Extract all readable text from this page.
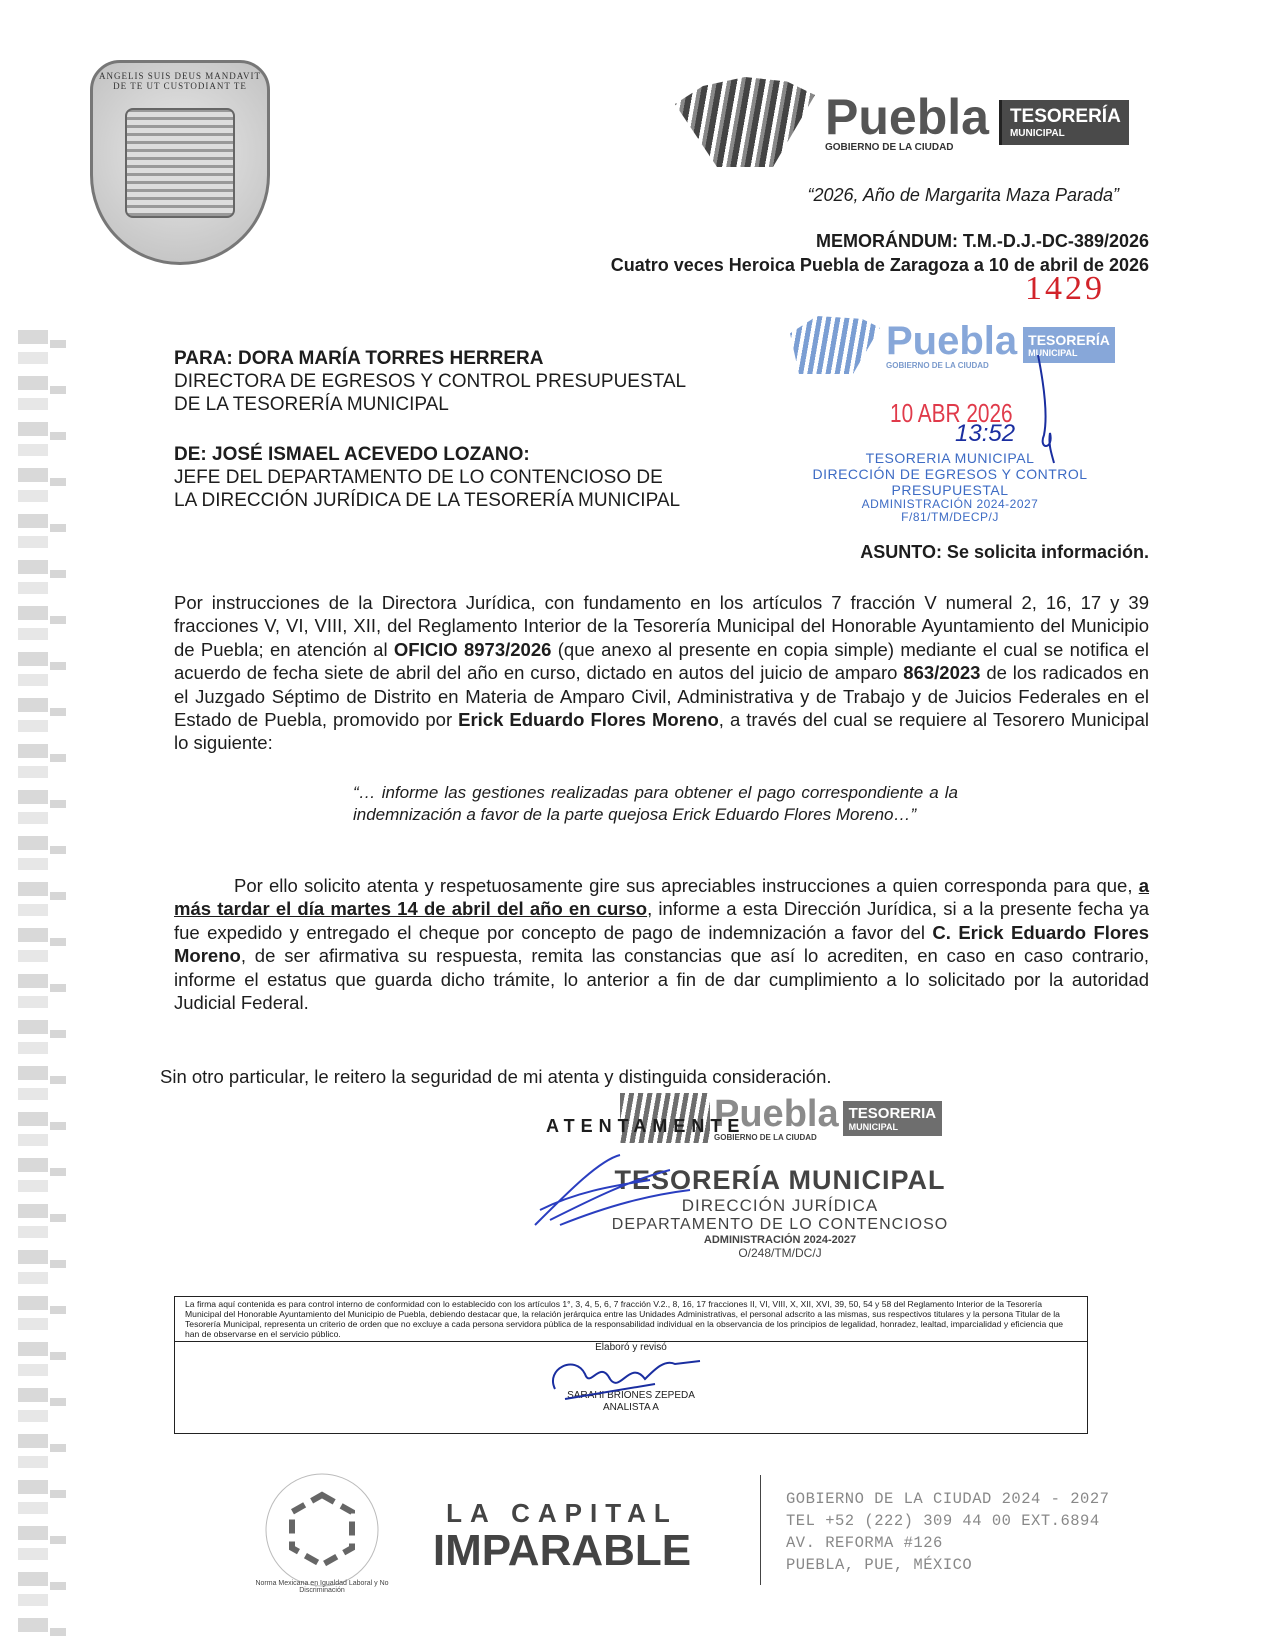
ANGELIS SUIS DEUS MANDAVIT DE TE UT CUSTODIANT TE
Puebla
GOBIERNO DE LA CIUDAD
TESORERÍA
MUNICIPAL
“2026, Año de Margarita Maza Parada”
MEMORÁNDUM: T.M.-D.J.-DC-389/2026
Cuatro veces Heroica Puebla de Zaragoza a 10 de abril de 2026
1429
PARA: DORA MARÍA TORRES HERRERA
DIRECTORA DE EGRESOS Y CONTROL PRESUPUESTAL
DE LA TESORERÍA MUNICIPAL
DE: JOSÉ ISMAEL ACEVEDO LOZANO:
JEFE DEL DEPARTAMENTO DE LO CONTENCIOSO DE
LA DIRECCIÓN JURÍDICA DE LA TESORERÍA MUNICIPAL
Puebla
GOBIERNO DE LA CIUDAD
TESORERÍA
MUNICIPAL
10 ABR 2026
13:52
TESORERIA MUNICIPAL
DIRECCIÓN DE EGRESOS Y CONTROL
PRESUPUESTAL
ADMINISTRACIÓN 2024-2027
F/81/TM/DECP/J
ASUNTO: Se solicita información.
Por instrucciones de la Directora Jurídica, con fundamento en los artículos 7 fracción V numeral 2, 16, 17 y 39 fracciones V, VI, VIII, XII, del Reglamento Interior de la Tesorería Municipal del Honorable Ayuntamiento del Municipio de Puebla; en atención al OFICIO 8973/2026 (que anexo al presente en copia simple) mediante el cual se notifica el acuerdo de fecha siete de abril del año en curso, dictado en autos del juicio de amparo 863/2023 de los radicados en el Juzgado Séptimo de Distrito en Materia de Amparo Civil, Administrativa y de Trabajo y de Juicios Federales en el Estado de Puebla, promovido por Erick Eduardo Flores Moreno, a través del cual se requiere al Tesorero Municipal lo siguiente:
“… informe las gestiones realizadas para obtener el pago correspondiente a la indemnización a favor de la parte quejosa Erick Eduardo Flores Moreno…”
Por ello solicito atenta y respetuosamente gire sus apreciables instrucciones a quien corresponda para que, a más tardar el día martes 14 de abril del año en curso, informe a esta Dirección Jurídica, si a la presente fecha ya fue expedido y entregado el cheque por concepto de pago de indemnización a favor del C. Erick Eduardo Flores Moreno, de ser afirmativa su respuesta, remita las constancias que así lo acrediten, en caso en caso contrario, informe el estatus que guarda dicho trámite, lo anterior a fin de dar cumplimiento a lo solicitado por la autoridad Judicial Federal.
Sin otro particular, le reitero la seguridad de mi atenta y distinguida consideración.
Puebla
GOBIERNO DE LA CIUDAD
TESORERIA
MUNICIPAL
ATENTAMENTE
TESORERÍA MUNICIPAL
DIRECCIÓN JURÍDICA
DEPARTAMENTO DE LO CONTENCIOSO
ADMINISTRACIÓN 2024-2027
O/248/TM/DC/J
La firma aquí contenida es para control interno de conformidad con lo establecido con los artículos 1°, 3, 4, 5, 6, 7 fracción V.2., 8, 16, 17 fracciones II, VI, VIII, X, XII, XVI, 39, 50, 54 y 58 del Reglamento Interior de la Tesorería Municipal del Honorable Ayuntamiento del Municipio de Puebla, debiendo destacar que, la relación jerárquica entre las Unidades Administrativas, el personal adscrito a las mismas, sus respectivos titulares y la persona Titular de la Tesorería Municipal, representa un criterio de orden que no excluye a cada persona servidora pública de la responsabilidad individual en la observancia de los principios de legalidad, honradez, lealtad, imparcialidad y eficiencia que han de observarse en el servicio público.
Elaboró y revisó
SARAHI BRIONES ZEPEDA
ANALISTA A
Norma Mexicana en Igualdad Laboral y No Discriminación
LA CAPITAL
IMPARABLE
GOBIERNO DE LA CIUDAD 2024 - 2027
TEL +52 (222) 309 44 00 EXT.6894
AV. REFORMA #126
PUEBLA, PUE, MÉXICO
